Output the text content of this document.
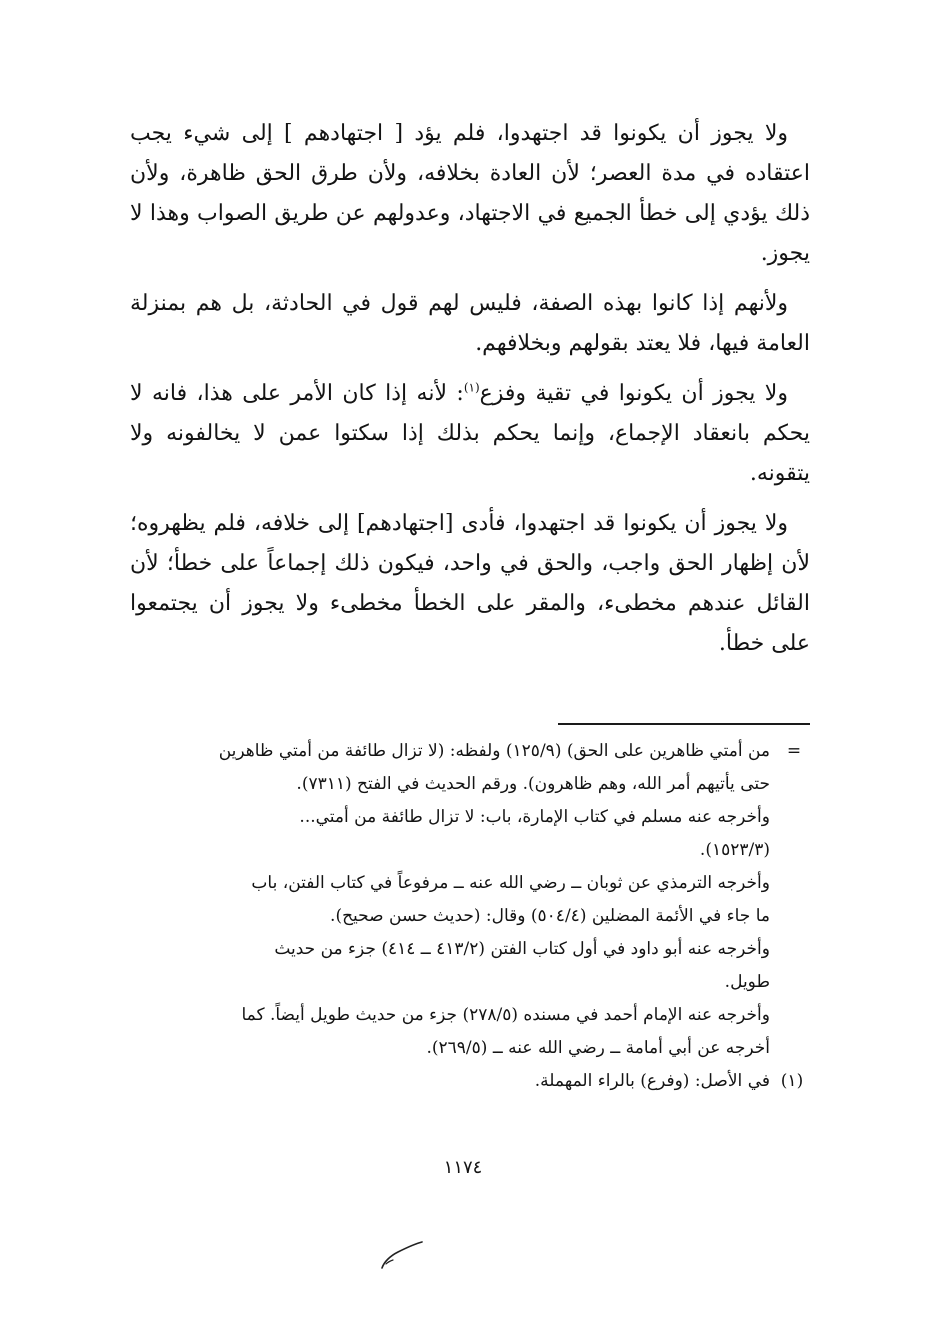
ولا يجوز أن يكونوا قد اجتهدوا، فلم يؤد [ اجتهادهم ] إلى شيء يجب اعتقاده في مدة العصر؛ لأن العادة بخلافه، ولأن طرق الحق ظاهرة، ولأن ذلك يؤدي إلى خطأ الجميع في الاجتهاد، وعدولهم عن طريق الصواب وهذا لا يجوز.

ولأنهم إذا كانوا بهذه الصفة، فليس لهم قول في الحادثة، بل هم بمنزلة العامة فيها، فلا يعتد بقولهم وبخلافهم.

ولا يجوز أن يكونوا في تقية وفزع$^{(١)}$: لأنه إذا كان الأمر على هذا، فانه لا يحكم بانعقاد الإجماع، وإنما يحكم بذلك إذا سكتوا عمن لا يخالفونه ولا يتقونه.

ولا يجوز أن يكونوا قد اجتهدوا، فأدى [اجتهادهم] إلى خلافه، فلم يظهروه؛ لأن إظهار الحق واجب، والحق في واحد، فيكون ذلك إجماعاً على خطأ؛ لأن القائل عندهم مخطىء، والمقر على الخطأ مخطىء ولا يجوز أن يجتمعوا على خطأ.

=
من أمتي ظاهرين على الحق) (١٢٥/٩) ولفظه: (لا تزال طائفة من أمتي ظاهرين
حتى يأتيهم أمر الله، وهم ظاهرون). ورقم الحديث في الفتح (٧٣١١).
وأخرجه عنه مسلم في كتاب الإمارة، باب: لا تزال طائفة من أمتي...
(١٥٢٣/٣).
وأخرجه الترمذي عن ثوبان ــ رضي الله عنه ــ مرفوعاً في كتاب الفتن، باب
ما جاء في الأئمة المضلين (٥٠٤/٤) وقال: (حديث حسن صحيح).
وأخرجه عنه أبو داود في أول كتاب الفتن (٤١٣/٢ ــ ٤١٤) جزء من حديث
طويل.
وأخرجه عنه الإمام أحمد في مسنده (٢٧٨/٥) جزء من حديث طويل أيضاً. كما
أخرجه عن أبي أمامة ــ رضي الله عنه ــ (٢٦٩/٥).
(١)
في الأصل: (وفرع) بالراء المهملة.
١١٧٤
